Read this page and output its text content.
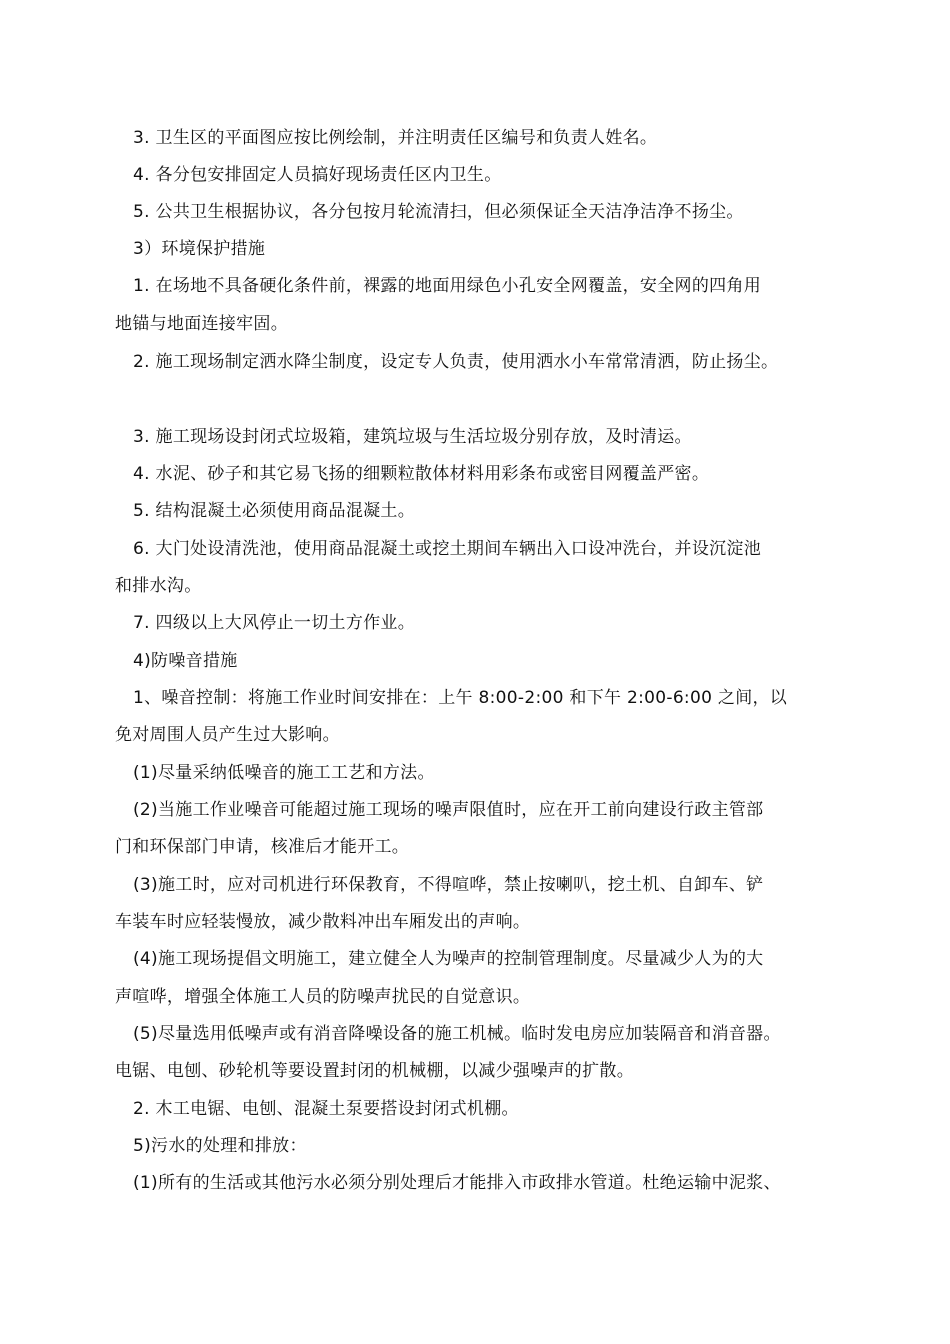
3. 卫生区的平面图应按比例绘制，并注明责任区编号和负责人姓名。
4. 各分包安排固定人员搞好现场责任区内卫生。
5. 公共卫生根据协议，各分包按月轮流清扫，但必须保证全天洁净洁净不扬尘。
3）环境保护措施
1. 在场地不具备硬化条件前，裸露的地面用绿色小孔安全网覆盖，安全网的四角用
地锚与地面连接牢固。
2. 施工现场制定洒水降尘制度，设定专人负责，使用洒水小车常常清洒，防止扬尘。
3. 施工现场设封闭式垃圾箱，建筑垃圾与生活垃圾分别存放，及时清运。
4. 水泥、砂子和其它易飞扬的细颗粒散体材料用彩条布或密目网覆盖严密。
5. 结构混凝土必须使用商品混凝土。
6. 大门处设清洗池，使用商品混凝土或挖土期间车辆出入口设冲洗台，并设沉淀池
和排水沟。
7. 四级以上大风停止一切土方作业。
4)防噪音措施
1、噪音控制：将施工作业时间安排在：上午 8:00-2:00 和下午 2:00-6:00 之间，以
免对周围人员产生过大影响。
(1)尽量采纳低噪音的施工工艺和方法。
(2)当施工作业噪音可能超过施工现场的噪声限值时，应在开工前向建设行政主管部
门和环保部门申请，核准后才能开工。
(3)施工时，应对司机进行环保教育，不得喧哗，禁止按喇叭，挖土机、自卸车、铲
车装车时应轻装慢放，减少散料冲出车厢发出的声响。
(4)施工现场提倡文明施工，建立健全人为噪声的控制管理制度。尽量减少人为的大
声喧哗，增强全体施工人员的防噪声扰民的自觉意识。
(5)尽量选用低噪声或有消音降噪设备的施工机械。临时发电房应加装隔音和消音器。
电锯、电刨、砂轮机等要设置封闭的机械棚，以减少强噪声的扩散。
2. 木工电锯、电刨、混凝土泵要搭设封闭式机棚。
5)污水的处理和排放：
(1)所有的生活或其他污水必须分别处理后才能排入市政排水管道。杜绝运输中泥浆、
